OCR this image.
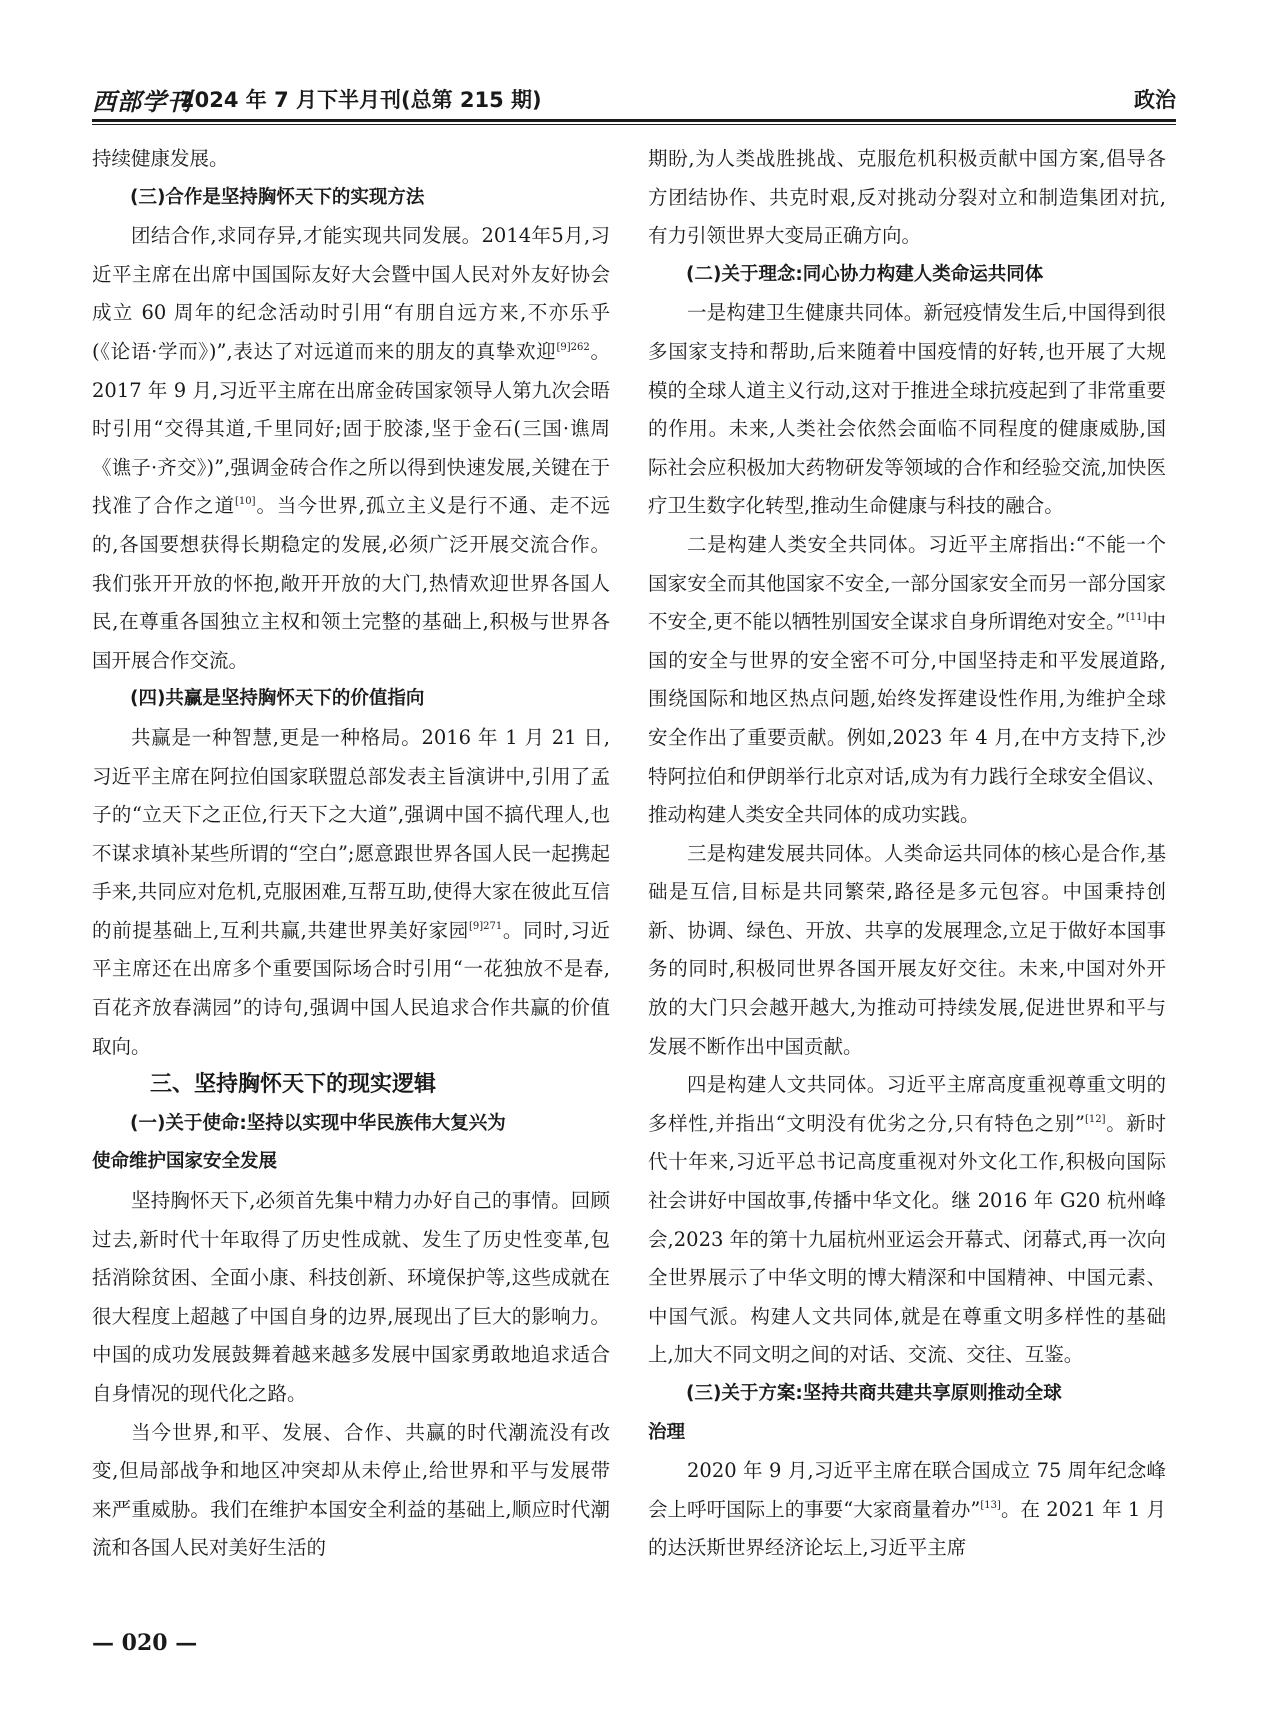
西部学刊
2024 年 7 月下半月刊(总第 215 期)	政治

持续健康发展。

(三)合作是坚持胸怀天下的实现方法

团结合作,求同存异,才能实现共同发展。2014年5月,习近平主席在出席中国国际友好大会暨中国人民对外友好协会成立 60 周年的纪念活动时引用“有朋自远方来,不亦乐乎(《论语·学而》)”,表达了对远道而来的朋友的真挚欢迎$^{[9]262}$。2017 年 9 月,习近平主席在出席金砖国家领导人第九次会晤时引用“交得其道,千里同好;固于胶漆,坚于金石(三国·谯周《谯子·齐交》)”,强调金砖合作之所以得到快速发展,关键在于找准了合作之道[10]。当今世界,孤立主义是行不通、走不远的,各国要想获得长期稳定的发展,必须广泛开展交流合作。我们张开开放的怀抱,敞开开放的大门,热情欢迎世界各国人民,在尊重各国独立主权和领土完整的基础上,积极与世界各国开展合作交流。

(四)共赢是坚持胸怀天下的价值指向

共赢是一种智慧,更是一种格局。2016 年 1 月 21 日,习近平主席在阿拉伯国家联盟总部发表主旨演讲中,引用了孟子的“立天下之正位,行天下之大道”,强调中国不搞代理人,也不谋求填补某些所谓的“空白”;愿意跟世界各国人民一起携起手来,共同应对危机,克服困难,互帮互助,使得大家在彼此互信的前提基础上,互利共赢,共建世界美好家园$^{[9]271}$。同时,习近平主席还在出席多个重要国际场合时引用“一花独放不是春,百花齐放春满园”的诗句,强调中国人民追求合作共赢的价值取向。

三、坚持胸怀天下的现实逻辑

(一)关于使命:坚持以实现中华民族伟大复兴为
使命维护国家安全发展

坚持胸怀天下,必须首先集中精力办好自己的事情。回顾过去,新时代十年取得了历史性成就、发生了历史性变革,包括消除贫困、全面小康、科技创新、环境保护等,这些成就在很大程度上超越了中国自身的边界,展现出了巨大的影响力。中国的成功发展鼓舞着越来越多发展中国家勇敢地追求适合自身情况的现代化之路。

当今世界,和平、发展、合作、共赢的时代潮流没有改变,但局部战争和地区冲突却从未停止,给世界和平与发展带来严重威胁。我们在维护本国安全利益的基础上,顺应时代潮流和各国人民对美好生活的

期盼,为人类战胜挑战、克服危机积极贡献中国方案,倡导各方团结协作、共克时艰,反对挑动分裂对立和制造集团对抗,有力引领世界大变局正确方向。

(二)关于理念:同心协力构建人类命运共同体

一是构建卫生健康共同体。新冠疫情发生后,中国得到很多国家支持和帮助,后来随着中国疫情的好转,也开展了大规模的全球人道主义行动,这对于推进全球抗疫起到了非常重要的作用。未来,人类社会依然会面临不同程度的健康威胁,国际社会应积极加大药物研发等领域的合作和经验交流,加快医疗卫生数字化转型,推动生命健康与科技的融合。

二是构建人类安全共同体。习近平主席指出:“不能一个国家安全而其他国家不安全,一部分国家安全而另一部分国家不安全,更不能以牺牲别国安全谋求自身所谓绝对安全。”[11]中国的安全与世界的安全密不可分,中国坚持走和平发展道路,围绕国际和地区热点问题,始终发挥建设性作用,为维护全球安全作出了重要贡献。例如,2023 年 4 月,在中方支持下,沙特阿拉伯和伊朗举行北京对话,成为有力践行全球安全倡议、推动构建人类安全共同体的成功实践。

三是构建发展共同体。人类命运共同体的核心是合作,基础是互信,目标是共同繁荣,路径是多元包容。中国秉持创新、协调、绿色、开放、共享的发展理念,立足于做好本国事务的同时,积极同世界各国开展友好交往。未来,中国对外开放的大门只会越开越大,为推动可持续发展,促进世界和平与发展不断作出中国贡献。

四是构建人文共同体。习近平主席高度重视尊重文明的多样性,并指出“文明没有优劣之分,只有特色之别”[12]。新时代十年来,习近平总书记高度重视对外文化工作,积极向国际社会讲好中国故事,传播中华文化。继 2016 年 G20 杭州峰会,2023 年的第十九届杭州亚运会开幕式、闭幕式,再一次向全世界展示了中华文明的博大精深和中国精神、中国元素、中国气派。构建人文共同体,就是在尊重文明多样性的基础上,加大不同文明之间的对话、交流、交往、互鉴。

(三)关于方案:坚持共商共建共享原则推动全球
治理

2020 年 9 月,习近平主席在联合国成立 75 周年纪念峰会上呼吁国际上的事要“大家商量着办”[13]。在 2021 年 1 月的达沃斯世界经济论坛上,习近平主席

— 020 —
